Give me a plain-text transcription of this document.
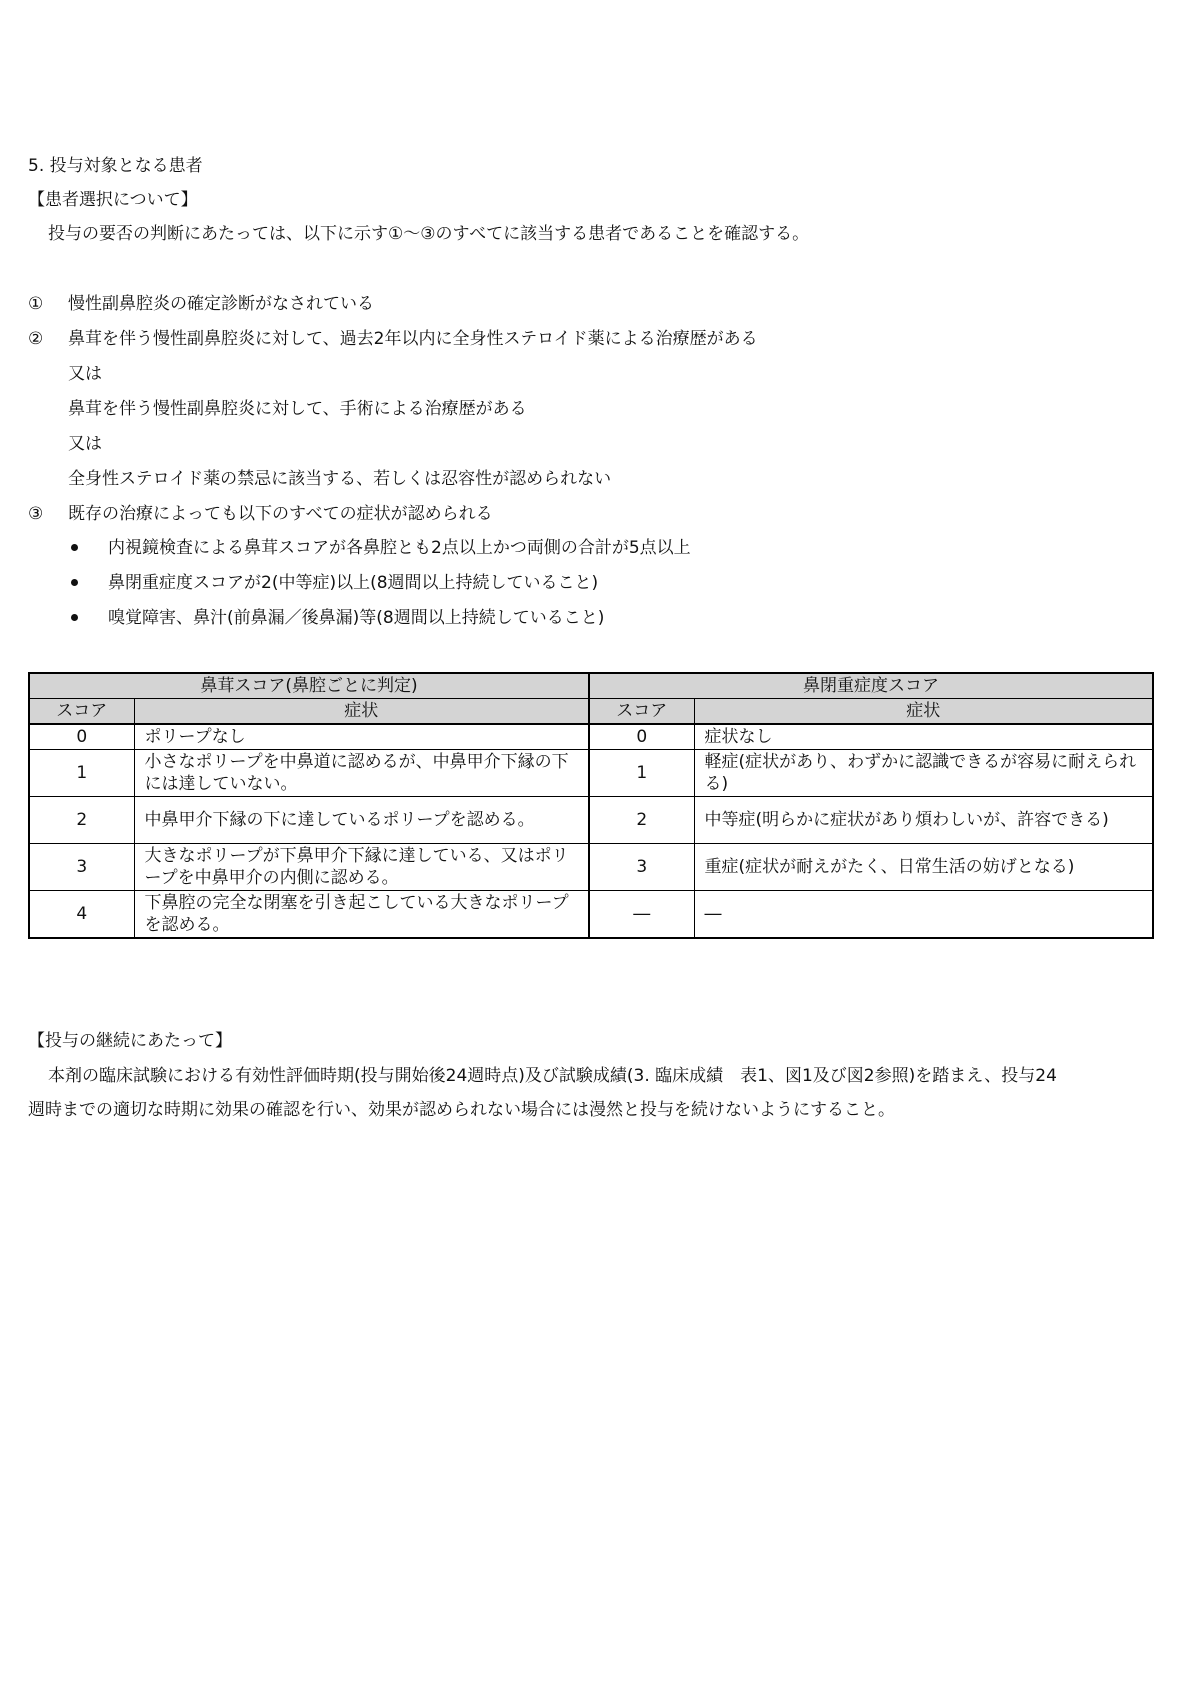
5. 投与対象となる患者
【患者選択について】
投与の要否の判断にあたっては、以下に示す①～③のすべてに該当する患者であることを確認する。
①	慢性副鼻腔炎の確定診断がなされている
②	鼻茸を伴う慢性副鼻腔炎に対して、過去2年以内に全身性ステロイド薬による治療歴がある
又は
鼻茸を伴う慢性副鼻腔炎に対して、手術による治療歴がある
又は
全身性ステロイド薬の禁忌に該当する、若しくは忍容性が認められない
③	既存の治療によっても以下のすべての症状が認められる
内視鏡検査による鼻茸スコアが各鼻腔とも2点以上かつ両側の合計が5点以上
鼻閉重症度スコアが2(中等症)以上(8週間以上持続していること)
嗅覚障害、鼻汁(前鼻漏／後鼻漏)等(8週間以上持続していること)
鼻茸スコア(鼻腔ごとに判定)		鼻閉重症度スコア	
スコア	症状	スコア	症状
0	ポリープなし	0	症状なし
1	小さなポリープを中鼻道に認めるが、中鼻甲介下縁の下には達していない。	1	軽症(症状があり、わずかに認識できるが容易に耐えられる)
2	中鼻甲介下縁の下に達しているポリープを認める。	2	中等症(明らかに症状があり煩わしいが、許容できる)
3	大きなポリープが下鼻甲介下縁に達している、又はポリープを中鼻甲介の内側に認める。	3	重症(症状が耐えがたく、日常生活の妨げとなる)
4	下鼻腔の完全な閉塞を引き起こしている大きなポリープを認める。	―	―
【投与の継続にあたって】
本剤の臨床試験における有効性評価時期(投与開始後24週時点)及び試験成績(3. 臨床成績　表1、図1及び図2参照)を踏まえ、投与24
週時までの適切な時期に効果の確認を行い、効果が認められない場合には漫然と投与を続けないようにすること。
